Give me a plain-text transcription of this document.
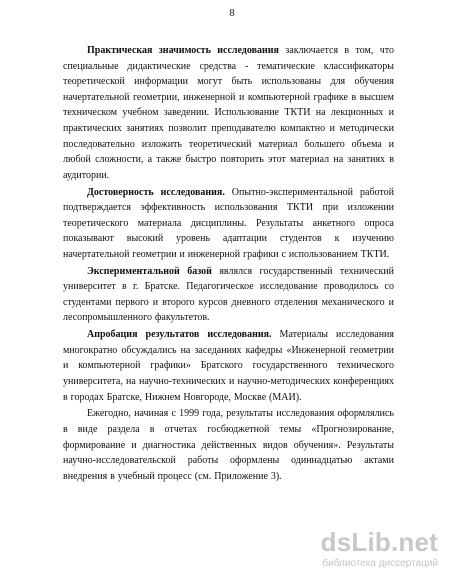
8

Практическая значимость исследования заключается в том, что специальные дидактические средства - тематические классификаторы теоретической информации могут быть использованы для обучения начертательной геометрии, инженерной и компьютерной графике в высшем техническом учебном заведении. Использование ТКТИ на лекционных и практических занятиях позволит преподавателю компактно и методически последовательно изложить теоретический материал большего объема и любой сложности, а также быстро повторить этот материал на занятиях в аудитории.

Достоверность исследования. Опытно-экспериментальной работой подтверждается эффективность использования ТКТИ при изложении теоретического материала дисциплины. Результаты анкетного опроса показывают высокий уровень адаптации студентов к изучению начертательной геометрии и инженерной графики с использованием ТКТИ.

Экспериментальной базой являлся государственный технический университет в г. Братске. Педагогическое исследование проводилось со студентами первого и второго курсов дневного отделения механического и лесопромышленного факультетов.

Апробация результатов исследования. Материалы исследования многократно обсуждались на заседаниях кафедры «Инженерной геометрии и компьютерной графики» Братского государственного технического университета, на научно-технических и научно-методических конференциях в городах Братске, Нижнем Новгороде, Москве (МАИ).

Ежегодно, начиная с 1999 года, результаты исследования оформлялись в виде раздела в отчетах госбюджетной темы «Прогнозирование, формирование и диагностика действенных видов обучения». Результаты научно-исследовательской работы оформлены одиннадцатью актами внедрения в учебный процесс (см. Приложение 3).

dsLib.net
библиотека диссертаций
